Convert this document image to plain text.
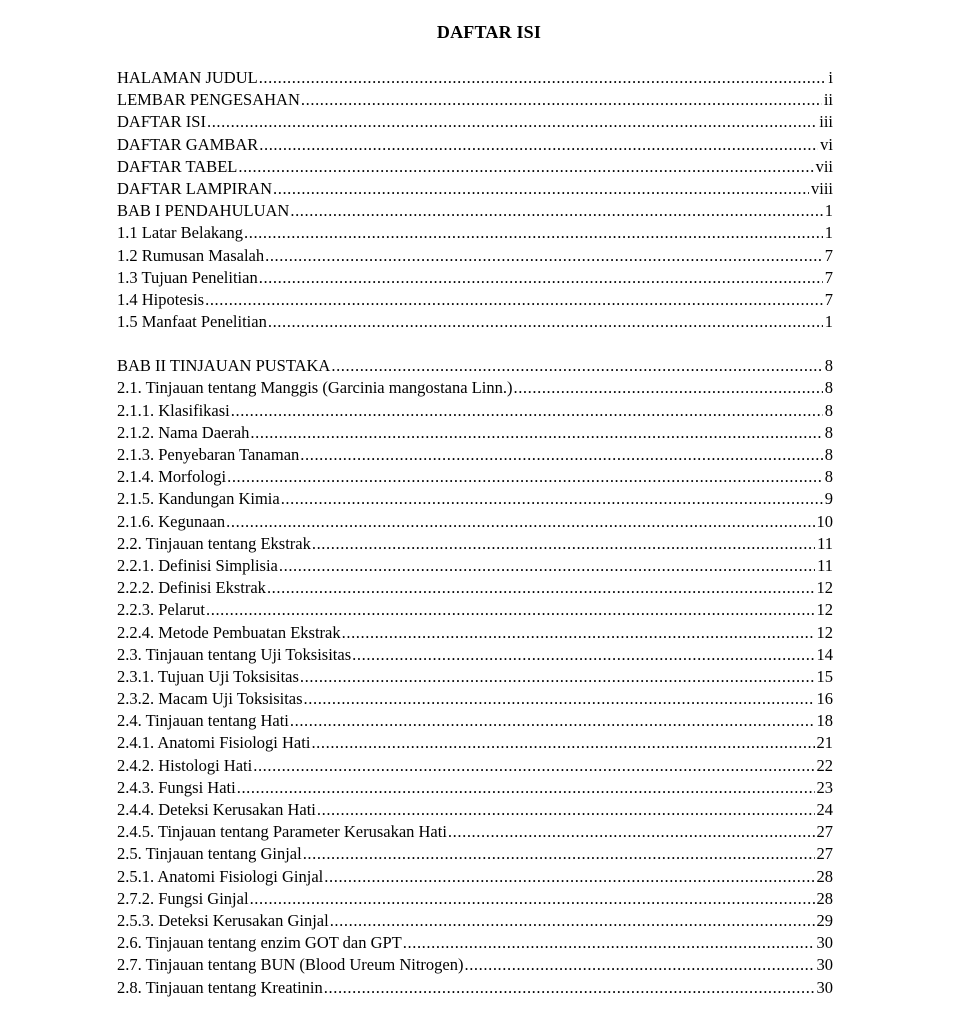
DAFTAR ISI
HALAMAN JUDUL .....	i
LEMBAR PENGESAHAN .....	ii
DAFTAR ISI .....	iii
DAFTAR GAMBAR .....	vi
DAFTAR TABEL .....	vii
DAFTAR LAMPIRAN .....	viii
BAB I PENDAHULUAN .....	1
1.1 Latar Belakang .....	1
1.2 Rumusan Masalah .....	7
1.3 Tujuan Penelitian .....	7
1.4 Hipotesis .....	7
1.5 Manfaat Penelitian .....	1
BAB II TINJAUAN PUSTAKA .....	8
2.1. Tinjauan tentang Manggis (Garcinia mangostana Linn.) .....	8
2.1.1. Klasifikasi .....	8
2.1.2. Nama Daerah .....	8
2.1.3. Penyebaran Tanaman .....	8
2.1.4. Morfologi .....	8
2.1.5. Kandungan Kimia .....	9
2.1.6. Kegunaan .....	10
2.2. Tinjauan tentang Ekstrak .....	11
2.2.1. Definisi Simplisia .....	11
2.2.2. Definisi Ekstrak .....	12
2.2.3. Pelarut .....	12
2.2.4. Metode Pembuatan Ekstrak .....	12
2.3. Tinjauan tentang Uji Toksisitas .....	14
2.3.1. Tujuan Uji Toksisitas .....	15
2.3.2. Macam Uji Toksisitas .....	16
2.4. Tinjauan tentang Hati .....	18
2.4.1. Anatomi Fisiologi Hati .....	21
2.4.2. Histologi Hati .....	22
2.4.3. Fungsi Hati .....	23
2.4.4. Deteksi Kerusakan Hati .....	24
2.4.5. Tinjauan tentang Parameter Kerusakan Hati .....	27
2.5. Tinjauan tentang Ginjal .....	27
2.5.1. Anatomi Fisiologi Ginjal .....	28
2.7.2. Fungsi Ginjal .....	28
2.5.3. Deteksi Kerusakan Ginjal .....	29
2.6. Tinjauan tentang enzim GOT dan GPT .....	30
2.7. Tinjauan tentang BUN (Blood Ureum Nitrogen) .....	30
2.8. Tinjauan tentang Kreatinin .....	30
